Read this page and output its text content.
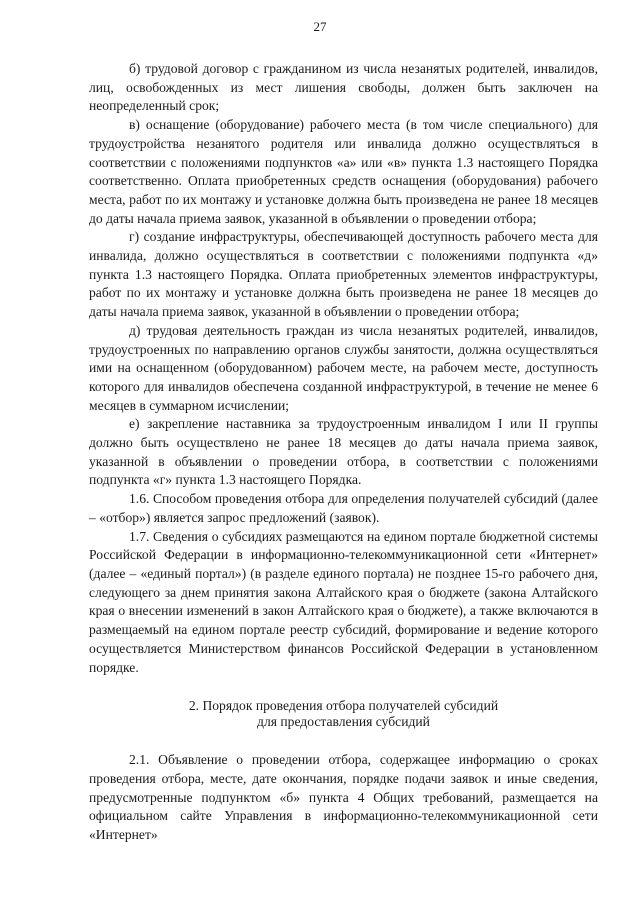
27

б) трудовой договор с гражданином из числа незанятых родителей, инвалидов, лиц, освобожденных из мест лишения свободы, должен быть заключен на неопределенный срок;

в) оснащение (оборудование) рабочего места (в том числе специального) для трудоустройства незанятого родителя или инвалида должно осуществляться в соответствии с положениями подпунктов «а» или «в» пункта 1.3 настоящего Порядка соответственно. Оплата приобретенных средств оснащения (оборудования) рабочего места, работ по их монтажу и установке должна быть произведена не ранее 18 месяцев до даты начала приема заявок, указанной в объявлении о проведении отбора;

г) создание инфраструктуры, обеспечивающей доступность рабочего места для инвалида, должно осуществляться в соответствии с положениями подпункта «д» пункта 1.3 настоящего Порядка. Оплата приобретенных элементов инфраструктуры, работ по их монтажу и установке должна быть произведена не ранее 18 месяцев до даты начала приема заявок, указанной в объявлении о проведении отбора;

д) трудовая деятельность граждан из числа незанятых родителей, инвалидов, трудоустроенных по направлению органов службы занятости, должна осуществляться ими на оснащенном (оборудованном) рабочем месте, на рабочем месте, доступность которого для инвалидов обеспечена созданной инфраструктурой, в течение не менее 6 месяцев в суммарном исчислении;

е) закрепление наставника за трудоустроенным инвалидом I или II группы должно быть осуществлено не ранее 18 месяцев до даты начала приема заявок, указанной в объявлении о проведении отбора, в соответствии с положениями подпункта «г» пункта 1.3 настоящего Порядка.

1.6. Способом проведения отбора для определения получателей субсидий (далее – «отбор») является запрос предложений (заявок).

1.7. Сведения о субсидиях размещаются на едином портале бюджетной системы Российской Федерации в информационно-телекоммуникационной сети «Интернет» (далее – «единый портал») (в разделе единого портала) не позднее 15-го рабочего дня, следующего за днем принятия закона Алтайского края о бюджете (закона Алтайского края о внесении изменений в закон Алтайского края о бюджете), а также включаются в размещаемый на едином портале реестр субсидий, формирование и ведение которого осуществляется Министерством финансов Российской Федерации в установленном порядке.

2. Порядок проведения отбора получателей субсидий
для предоставления субсидий

2.1. Объявление о проведении отбора, содержащее информацию о сроках проведения отбора, месте, дате окончания, порядке подачи заявок и иные сведения, предусмотренные подпунктом «б» пункта 4 Общих требований, размещается на официальном сайте Управления в информационно-телекоммуникационной сети «Интернет»
